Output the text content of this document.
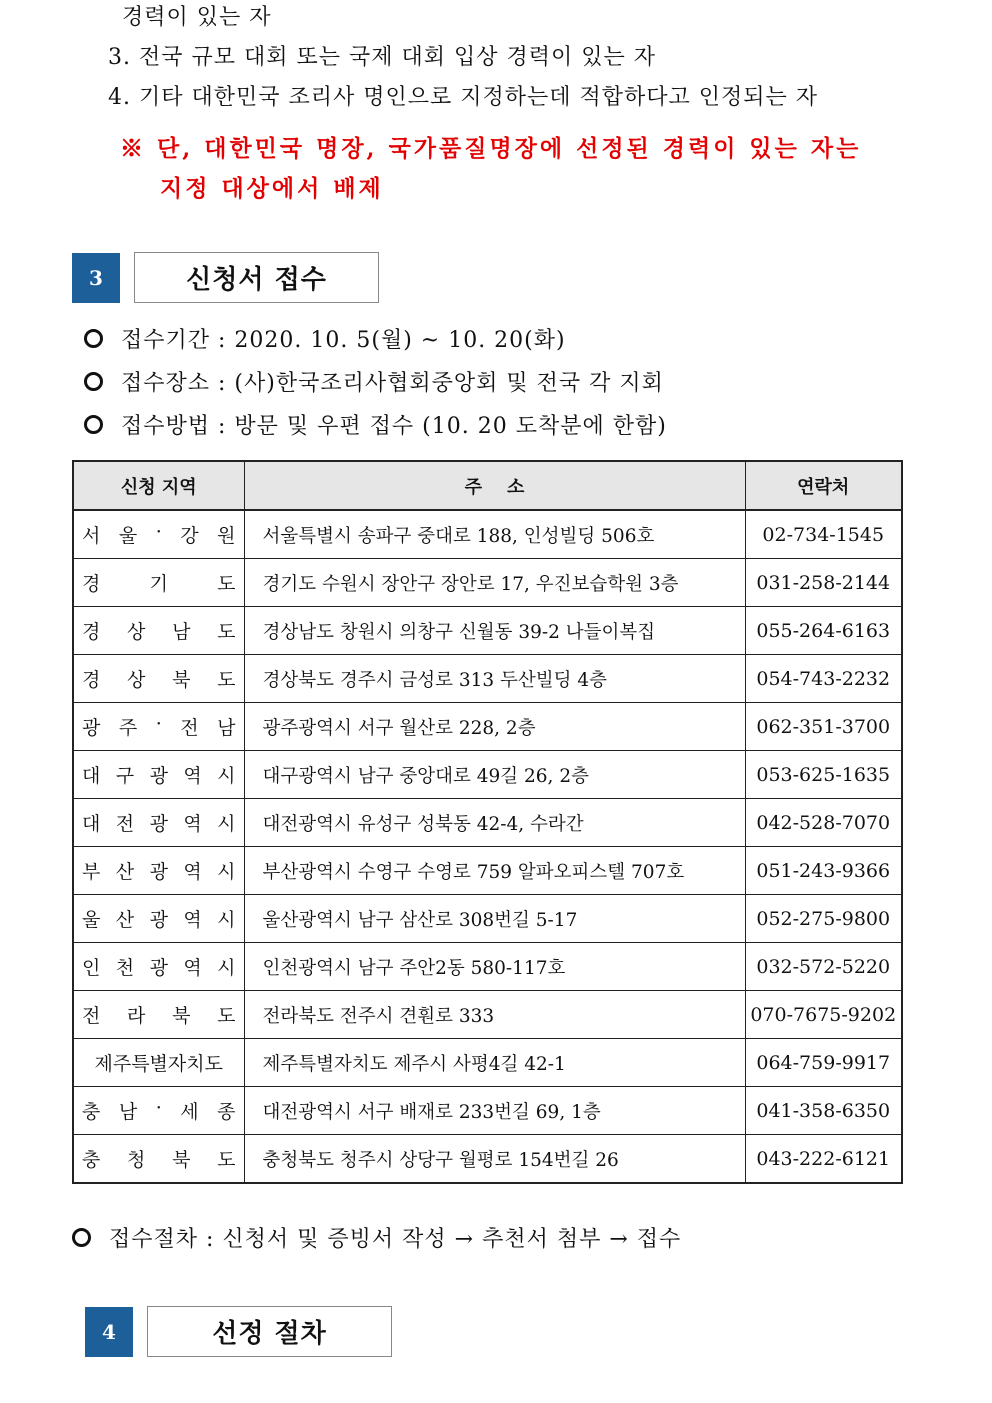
경력이 있는 자
3. 전국 규모 대회 또는 국제 대회 입상 경력이 있는 자
4. 기타 대한민국 조리사 명인으로 지정하는데 적합하다고 인정되는 자
※ 단, 대한민국 명장, 국가품질명장에 선정된 경력이 있는 자는
지정 대상에서 배제
3	신청서 접수
접수기간 : 2020. 10. 5(월) ~ 10. 20(화)
접수장소 : (사)한국조리사협회중앙회 및 전국 각 지회
접수방법 : 방문 및 우편 접수 (10. 20 도착분에 한함)
신청 지역	주    소	연락처

서 울 · 강 원	서울특별시 송파구 중대로 188, 인성빌딩 506호	02-734-1545

경 기 도	경기도 수원시 장안구 장안로 17, 우진보습학원 3층	031-258-2144

경 상 남 도	경상남도 창원시 의창구 신월동 39-2 나들이복집	055-264-6163

경 상 북 도	경상북도 경주시 금성로 313 두산빌딩 4층	054-743-2232

광 주 · 전 남	광주광역시 서구 월산로 228, 2층	062-351-3700

대 구 광 역 시	대구광역시 남구 중앙대로 49길 26, 2층	053-625-1635

대 전 광 역 시	대전광역시 유성구 성북동 42-4, 수라간	042-528-7070

부 산 광 역 시	부산광역시 수영구 수영로 759 알파오피스텔 707호	051-243-9366

울 산 광 역 시	울산광역시 남구 삼산로 308번길 5-17	052-275-9800

인 천 광 역 시	인천광역시 남구 주안2동 580-117호	032-572-5220

전 라 북 도	전라북도 전주시 견훤로 333	070-7675-9202

제주특별자치도	제주특별자치도 제주시 사평4길 42-1	064-759-9917

충 남 · 세 종	대전광역시 서구 배재로 233번길 69, 1층	041-358-6350

충 청 북 도	충청북도 청주시 상당구 월평로 154번길 26	043-222-6121
접수절차 : 신청서 및 증빙서 작성 → 추천서 첨부 → 접수
4	선정 절차
